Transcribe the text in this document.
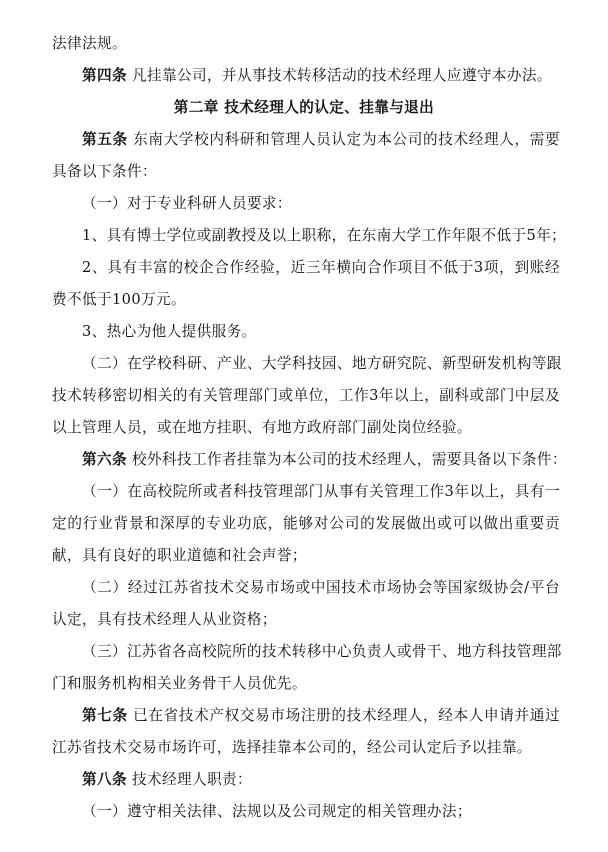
法律法规。
第四条 凡挂靠公司，并从事技术转移活动的技术经理人应遵守本办法。
第二章 技术经理人的认定、挂靠与退出
第五条 东南大学校内科研和管理人员认定为本公司的技术经理人，需要
具备以下条件：
（一）对于专业科研人员要求：
1、具有博士学位或副教授及以上职称，在东南大学工作年限不低于5年；
2、具有丰富的校企合作经验，近三年横向合作项目不低于3项，到账经
费不低于100万元。
3、热心为他人提供服务。
（二）在学校科研、产业、大学科技园、地方研究院、新型研发机构等跟
技术转移密切相关的有关管理部门或单位，工作3年以上，副科或部门中层及
以上管理人员，或在地方挂职、有地方政府部门副处岗位经验。
第六条 校外科技工作者挂靠为本公司的技术经理人，需要具备以下条件：
（一）在高校院所或者科技管理部门从事有关管理工作3年以上，具有一
定的行业背景和深厚的专业功底，能够对公司的发展做出或可以做出重要贡
献，具有良好的职业道德和社会声誉；
（二）经过江苏省技术交易市场或中国技术市场协会等国家级协会/平台
认定，具有技术经理人从业资格；
（三）江苏省各高校院所的技术转移中心负责人或骨干、地方科技管理部
门和服务机构相关业务骨干人员优先。
第七条 已在省技术产权交易市场注册的技术经理人，经本人申请并通过
江苏省技术交易市场许可，选择挂靠本公司的，经公司认定后予以挂靠。
第八条 技术经理人职责：
（一）遵守相关法律、法规以及公司规定的相关管理办法；
